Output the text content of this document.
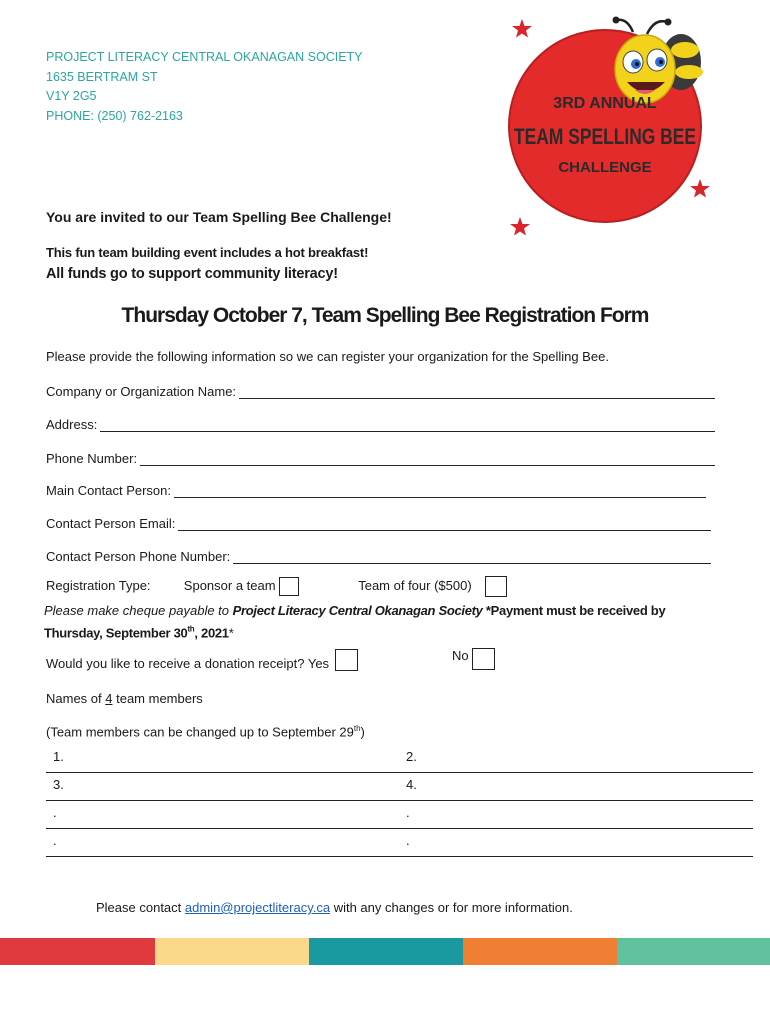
PROJECT LITERACY CENTRAL OKANAGAN SOCIETY
1635 BERTRAM ST
V1Y 2G5
PHONE: (250) 762-2163
3RD ANNUAL
TEAM SPELLING BEE
CHALLENGE
You are invited to our Team Spelling Bee Challenge!
This fun team building event includes a hot breakfast!
All funds go to support community literacy!
Thursday October 7, Team Spelling Bee Registration Form
Please provide the following information so we can register your organization for the Spelling Bee.
Company or Organization Name:
Address:
Phone Number:
Main Contact Person:
Contact Person Email:
Contact Person Phone Number:
Registration Type:	Sponsor a team	Team of four ($500)
Please make cheque payable to Project Literacy Central Okanagan Society *Payment must be received by
Thursday, September 30th, 2021*
Would you like to receive a donation receipt? Yes
No
Names of 4 team members
(Team members can be changed up to September 29th)
1.	2.
3.	4.
.	.
.	.
Please contact admin@projectliteracy.ca with any changes or for more information.
